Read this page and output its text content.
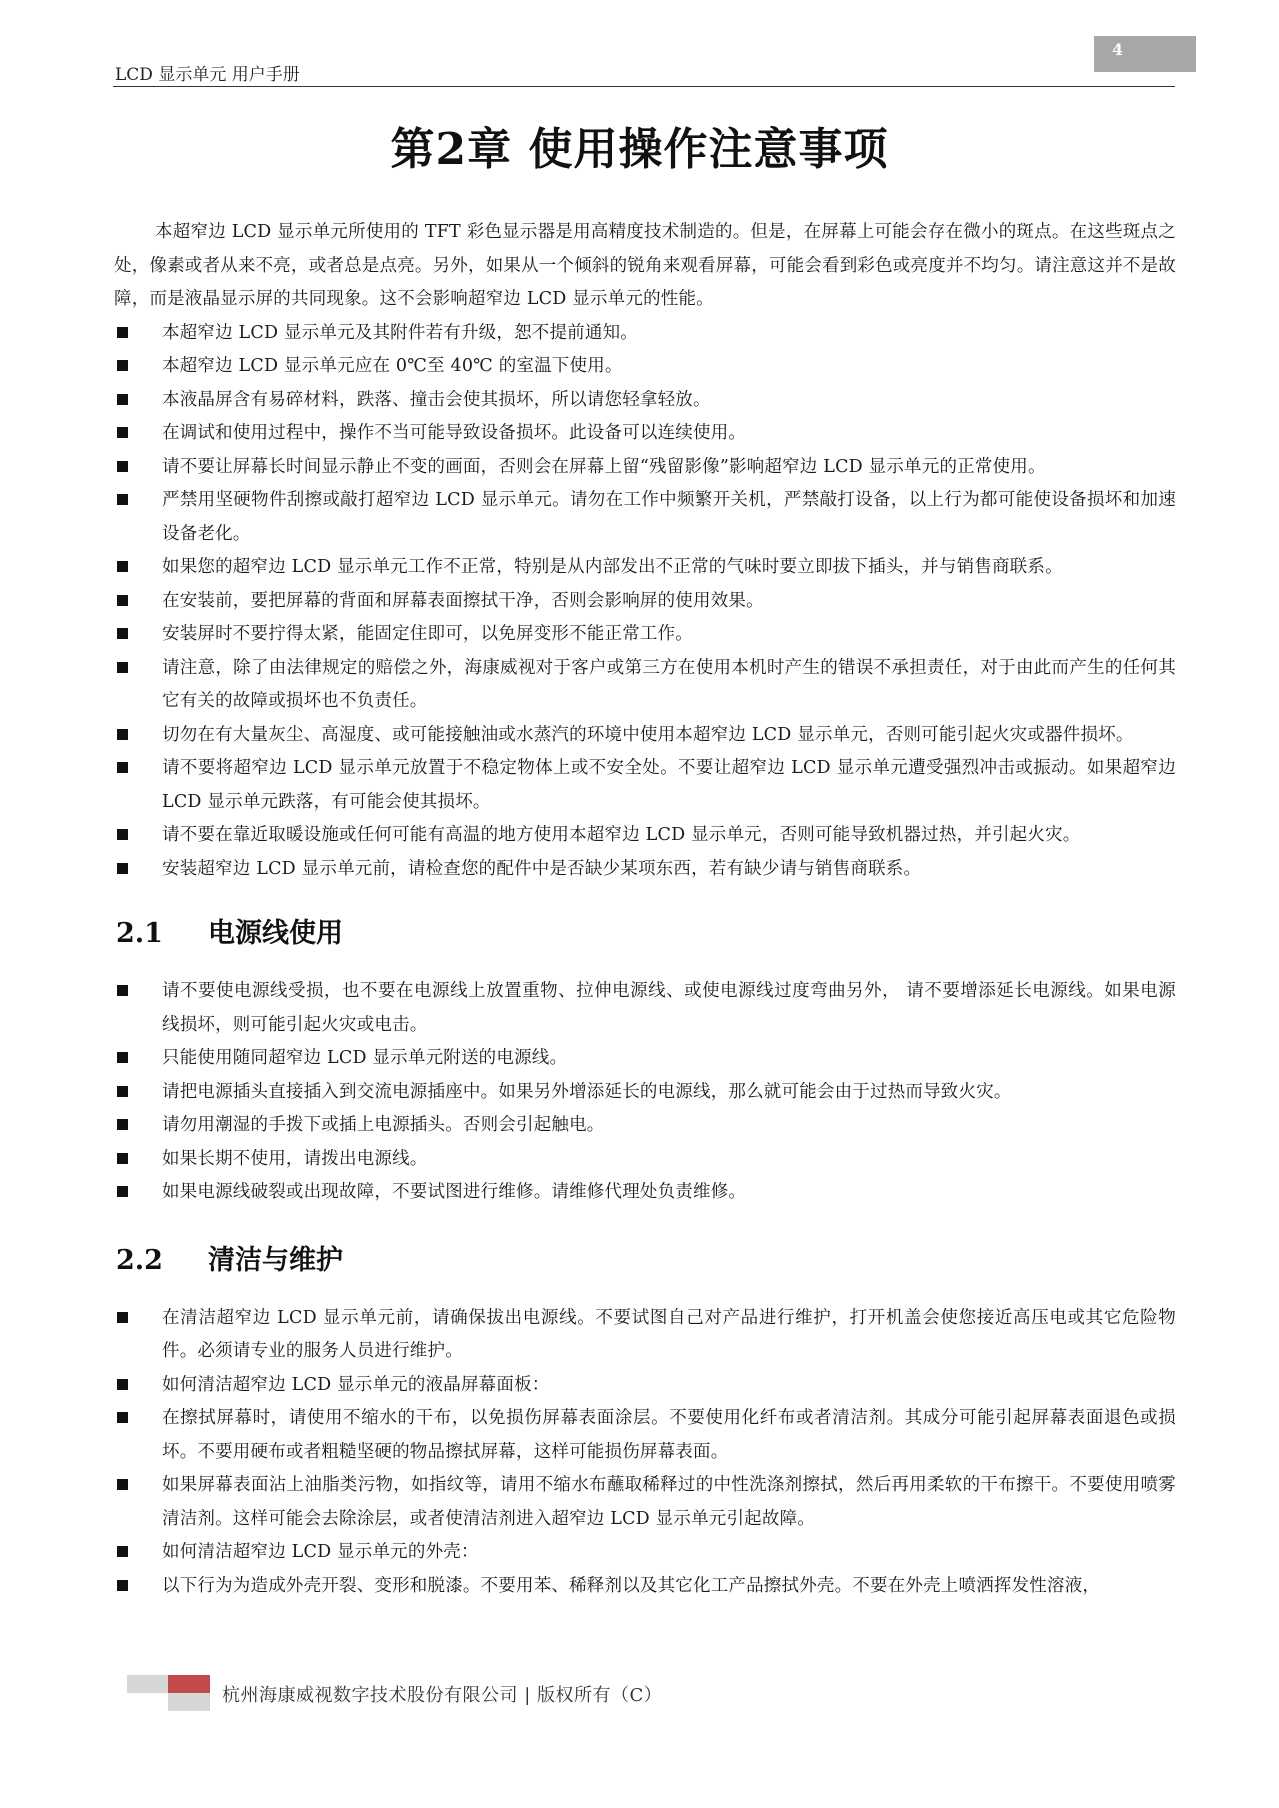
LCD 显示单元 用户手册
4
第2章 使用操作注意事项

本超窄边 LCD 显示单元所使用的 TFT 彩色显示器是用高精度技术制造的。但是，在屏幕上可能会存在微小的斑点。在这些斑点之处，像素或者从来不亮，或者总是点亮。另外，如果从一个倾斜的锐角来观看屏幕，可能会看到彩色或亮度并不均匀。请注意这并不是故障，而是液晶显示屏的共同现象。这不会影响超窄边 LCD 显示单元的性能。

本超窄边 LCD 显示单元及其附件若有升级，恕不提前通知。
本超窄边 LCD 显示单元应在 0℃至 40℃ 的室温下使用。
本液晶屏含有易碎材料，跌落、撞击会使其损坏，所以请您轻拿轻放。
在调试和使用过程中，操作不当可能导致设备损坏。此设备可以连续使用。
请不要让屏幕长时间显示静止不变的画面，否则会在屏幕上留“残留影像”影响超窄边 LCD 显示单元的正常使用。
严禁用坚硬物件刮擦或敲打超窄边 LCD 显示单元。请勿在工作中频繁开关机，严禁敲打设备，以上行为都可能使设备损坏和加速设备老化。
如果您的超窄边 LCD 显示单元工作不正常，特别是从内部发出不正常的气味时要立即拔下插头，并与销售商联系。
在安装前，要把屏幕的背面和屏幕表面擦拭干净，否则会影响屏的使用效果。
安装屏时不要拧得太紧，能固定住即可，以免屏变形不能正常工作。
请注意，除了由法律规定的赔偿之外，海康威视对于客户或第三方在使用本机时产生的错误不承担责任，对于由此而产生的任何其它有关的故障或损坏也不负责任。
切勿在有大量灰尘、高湿度、或可能接触油或水蒸汽的环境中使用本超窄边 LCD 显示单元，否则可能引起火灾或器件损坏。
请不要将超窄边 LCD 显示单元放置于不稳定物体上或不安全处。不要让超窄边 LCD 显示单元遭受强烈冲击或振动。如果超窄边 LCD 显示单元跌落，有可能会使其损坏。
请不要在靠近取暖设施或任何可能有高温的地方使用本超窄边 LCD 显示单元，否则可能导致机器过热，并引起火灾。
安装超窄边 LCD 显示单元前，请检查您的配件中是否缺少某项东西，若有缺少请与销售商联系。
2.1	电源线使用
请不要使电源线受损，也不要在电源线上放置重物、拉伸电源线、或使电源线过度弯曲另外， 请不要增添延长电源线。如果电源线损坏，则可能引起火灾或电击。
只能使用随同超窄边 LCD 显示单元附送的电源线。
请把电源插头直接插入到交流电源插座中。如果另外增添延长的电源线，那么就可能会由于过热而导致火灾。
请勿用潮湿的手拨下或插上电源插头。否则会引起触电。
如果长期不使用，请拨出电源线。
如果电源线破裂或出现故障，不要试图进行维修。请维修代理处负责维修。
2.2	清洁与维护
在清洁超窄边 LCD 显示单元前，请确保拔出电源线。不要试图自己对产品进行维护，打开机盖会使您接近高压电或其它危险物件。必须请专业的服务人员进行维护。
如何清洁超窄边 LCD 显示单元的液晶屏幕面板：
在擦拭屏幕时，请使用不缩水的干布，以免损伤屏幕表面涂层。不要使用化纤布或者清洁剂。其成分可能引起屏幕表面退色或损坏。不要用硬布或者粗糙坚硬的物品擦拭屏幕，这样可能损伤屏幕表面。
如果屏幕表面沾上油脂类污物，如指纹等，请用不缩水布蘸取稀释过的中性洗涤剂擦拭，然后再用柔软的干布擦干。不要使用喷雾清洁剂。这样可能会去除涂层，或者使清洁剂进入超窄边 LCD 显示单元引起故障。
如何清洁超窄边 LCD 显示单元的外壳：
以下行为为造成外壳开裂、变形和脱漆。不要用苯、稀释剂以及其它化工产品擦拭外壳。不要在外壳上喷洒挥发性溶液，
杭州海康威视数字技术股份有限公司 | 版权所有（C）
